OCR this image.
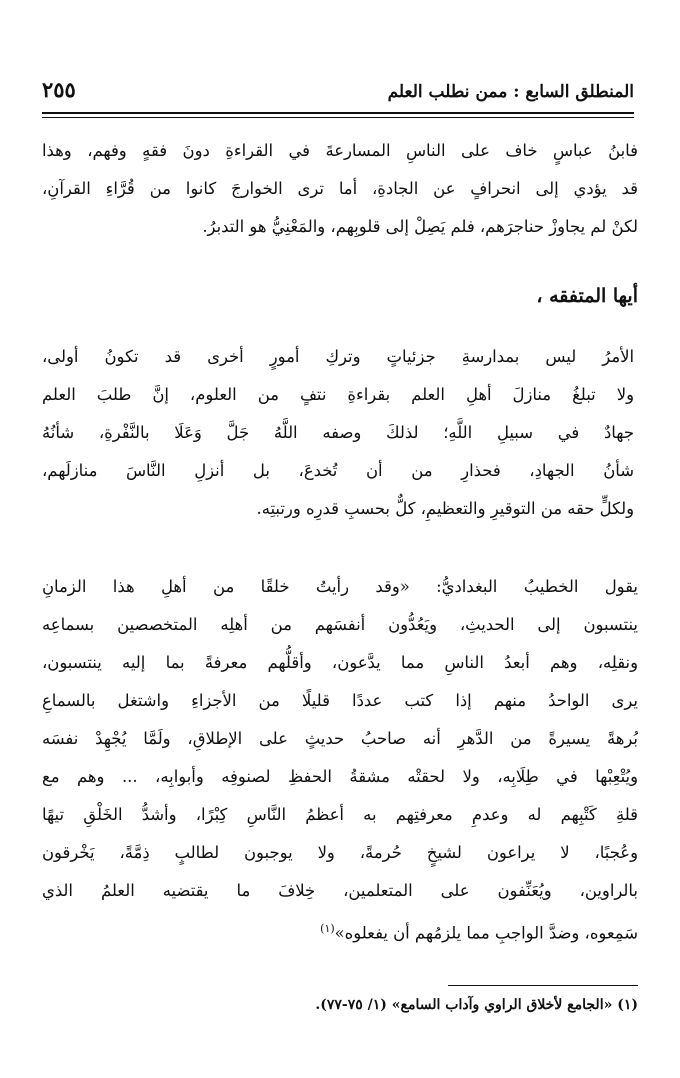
المنطلق السابع : ممن نطلب العلم
٢٥٥
فابنُ عباسٍ خاف على الناسِ المسارعةَ في القراءةِ دونَ فقهٍ وفهم، وهذا
قد يؤدي إلى انحرافٍ عن الجادةِ، أما ترى الخوارجَ كانوا من قُرَّاءِ القرآنِ،
لكنْ لم يجاوزْ حناجرَهم، فلم يَصِلْ إلى قلوبِهم، والمَعْنِيُّ هو التدبرُ.
أيها المتفقه ،
الأمرُ ليس بمدارسةِ جزئياتٍ وتركِ أمورٍ أخرى قد تكونُ أولى،
ولا تبلغُ منازلَ أهلِ العلم بقراءةِ نتفٍ من العلوم، إنَّ طلبَ العلم
جهادٌ في سبيلِ اللَّهِ؛ لذلكَ وصفه اللَّهُ جَلَّ وَعَلَا بالنَّفْرةِ، شأنُهُ
شأنُ الجهادِ، فحذارِ من أن تُخدعَ، بل أنزلِ النَّاسَ منازلَهم،
ولكلٍّ حقه من التوقيرِ والتعظيمِ، كلٌّ بحسبِ قدرِه ورتبتِه.
يقول الخطيبُ البغداديُّ: «وقد رأيتُ خلقًا من أهلِ هذا الزمانِ
ينتسبون إلى الحديثِ، ويَعُدُّون أنفسَهم من أهلِه المتخصصين بسماعِه
ونقلِه، وهم أبعدُ الناسِ مما يدَّعون، وأقلُّهم معرفةً بما إليه ينتسبون،
يرى الواحدُ منهم إذا كتب عددًا قليلًا من الأجزاءِ واشتغل بالسماعِ
بُرهةً يسيرةً من الدَّهرِ أنه صاحبُ حديثٍ على الإطلاقِ، ولَمَّا يُجْهِدْ نفسَه
ويُتْعِبْها في طِلَابِه، ولا لحقتْه مشقةُ الحفظِ لصنوفِه وأبوابِه، ... وهم مع
قلةِ كَتْبِهم له وعدمِ معرفتِهم به أعظمُ النَّاسِ كِبْرًا، وأشدُّ الخَلْقِ تيهًا
وعُجبًا، لا يراعون لشيخٍ حُرمةً، ولا يوجبون لطالبٍ ذِمَّةً، يَخْرقون
بالراوين، ويُعَنِّفون على المتعلمين، خِلافَ ما يقتضيه العلمُ الذي
سَمِعوه، وضدَّ الواجبِ مما يلزمُهم أن يفعلوه»$^{(١)}$
(١) «الجامع لأخلاق الراوي وآداب السامع» (١/ ٧٥-٧٧).
